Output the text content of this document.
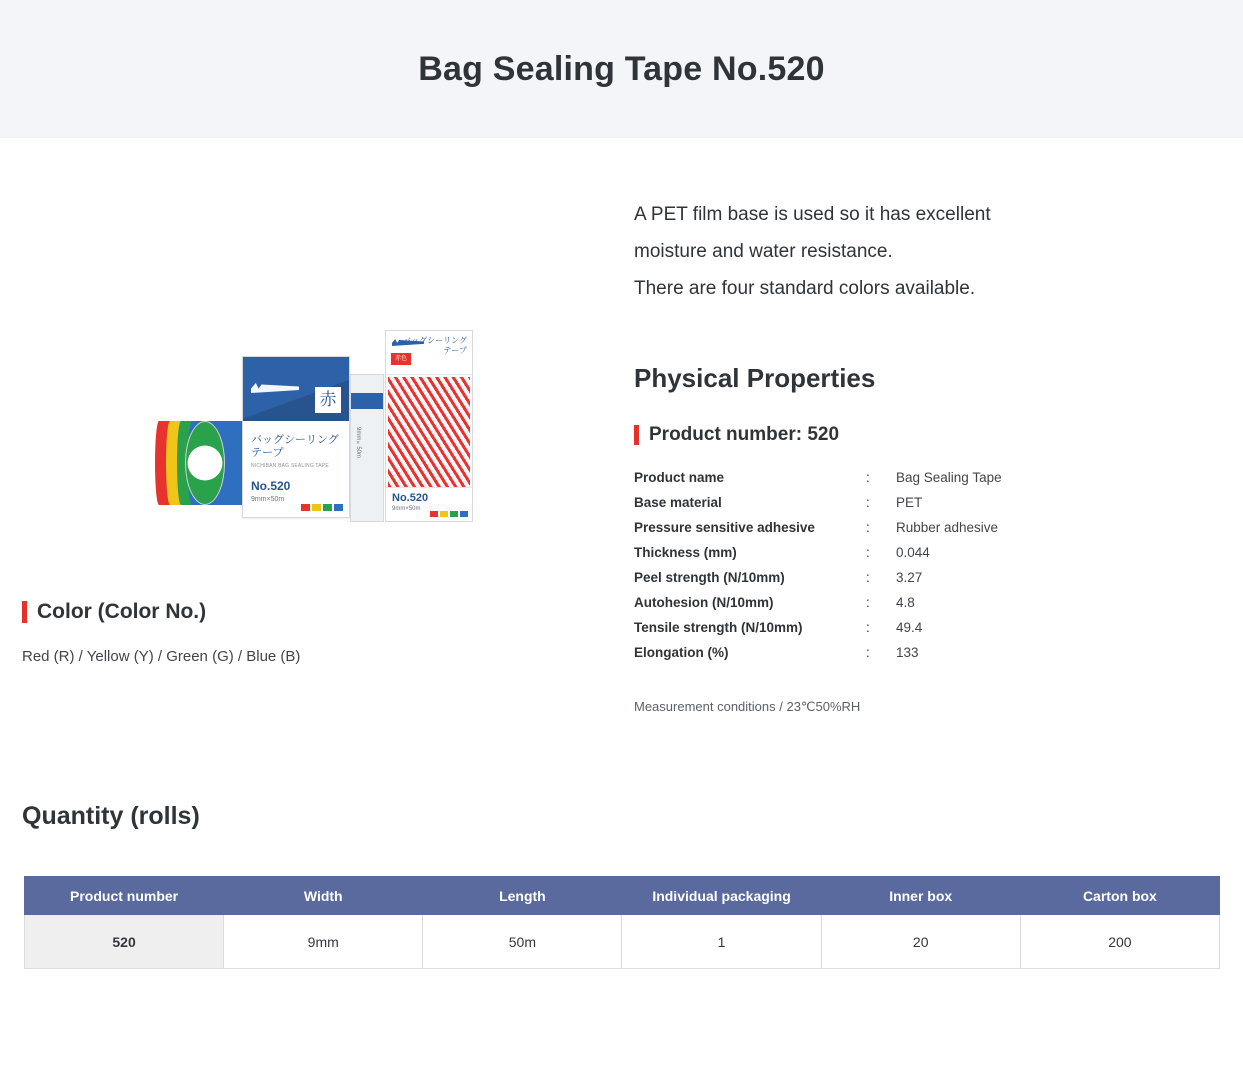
Bag Sealing Tape No.520
赤
バッグシーリング
テープ
NICHIBAN BAG SEALING TAPE
No.520
9mm×50m
9mm×50m
バッグシーリング
テープ
赤色
No.520
9mm×50m
Color (Color No.)
Red (R) / Yellow (Y) / Green (G) / Blue (B)
A PET film base is used so it has excellent
moisture and water resistance.
There are four standard colors available.
Physical Properties
Product number: 520
Product name	:	Bag Sealing Tape
Base material	:	PET
Pressure sensitive adhesive	:	Rubber adhesive
Thickness (mm)	:	0.044
Peel strength (N/10mm)	:	3.27
Autohesion (N/10mm)	:	4.8
Tensile strength (N/10mm)	:	49.4
Elongation (%)	:	133
Measurement conditions / 23℃50%RH
Quantity (rolls)
Product number	Width	Length	Individual packaging	Inner box	Carton box
520	9mm	50m	1	20	200
